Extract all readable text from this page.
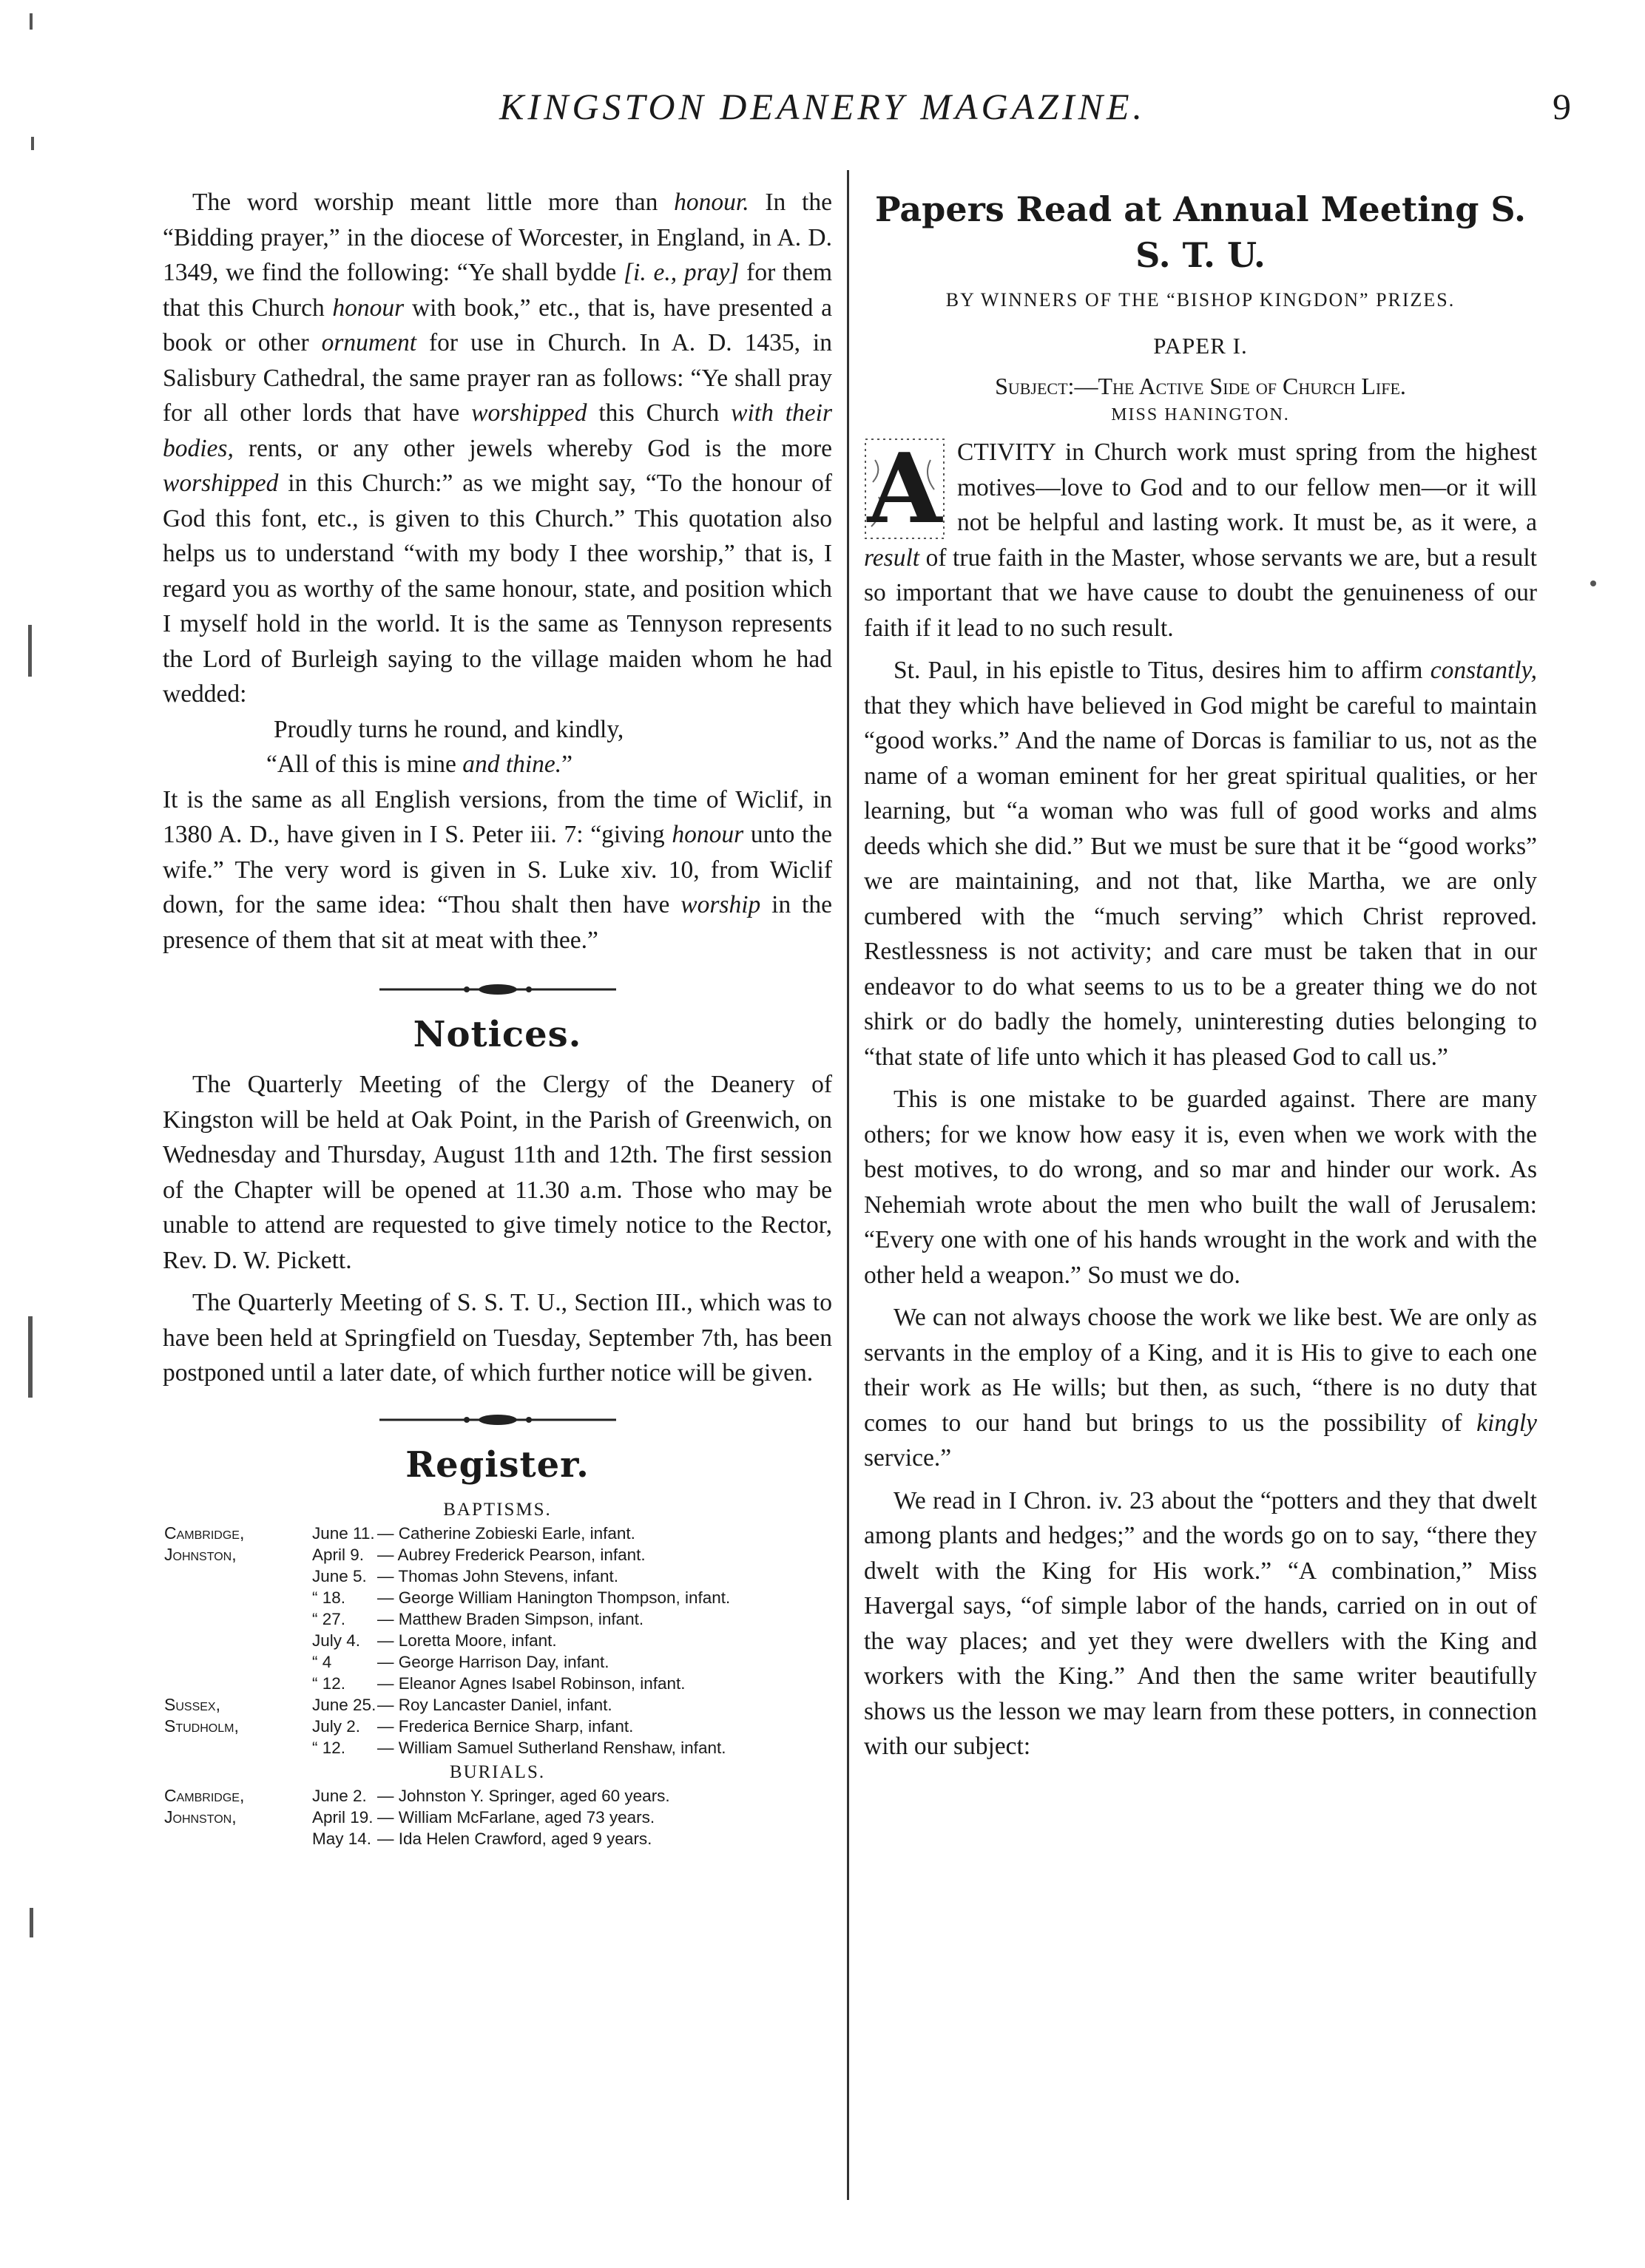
KINGSTON DEANERY MAGAZINE.	9

The word worship meant little more than honour. In the “Bidding prayer,” in the diocese of Worcester, in England, in A. D. 1349, we find the following: “Ye shall bydde [i. e., pray] for them that this Church honour with book,” etc., that is, have presented a book or other ornument for use in Church. In A. D. 1435, in Salisbury Cathedral, the same prayer ran as follows: “Ye shall pray for all other lords that have worshipped this Church with their bodies, rents, or any other jewels whereby God is the more worshipped in this Church:” as we might say, “To the honour of God this font, etc., is given to this Church.” This quotation also helps us to understand “with my body I thee worship,” that is, I regard you as worthy of the same honour, state, and position which I myself hold in the world. It is the same as Tennyson represents the Lord of Burleigh saying to the village maiden whom he had wedded:

Proudly turns he round, and kindly,
“All of this is mine and thine.”

It is the same as all English versions, from the time of Wiclif, in 1380 A. D., have given in I S. Peter iii. 7: “giving honour unto the wife.” The very word is given in S. Luke xiv. 10, from Wiclif down, for the same idea: “Thou shalt then have worship in the presence of them that sit at meat with thee.”

Notices.

The Quarterly Meeting of the Clergy of the Deanery of Kingston will be held at Oak Point, in the Parish of Greenwich, on Wednesday and Thursday, August 11th and 12th. The first session of the Chapter will be opened at 11.30 a.m. Those who may be unable to attend are requested to give timely notice to the Rector, Rev. D. W. Pickett.

The Quarterly Meeting of S. S. T. U., Section III., which was to have been held at Springfield on Tuesday, September 7th, has been postponed until a later date, of which further notice will be given.

Register.
BAPTISMS.
Cambridge,	June 11. — Catherine Zobieski Earle, infant.
Johnston,	April 9. — Aubrey Frederick Pearson, infant.
June 5. — Thomas John Stevens, infant.
“ 18.	— George William Hanington Thompson, infant.
“ 27.	— Matthew Braden Simpson, infant.
July 4.	— Loretta Moore, infant.
“ 4	— George Harrison Day, infant.
“ 12.	— Eleanor Agnes Isabel Robinson, infant.
Sussex,	June 25. — Roy Lancaster Daniel, infant.
Studholm,	July 2.	— Frederica Bernice Sharp, infant.
“ 12.	— William Samuel Sutherland Renshaw, infant.
BURIALS.
Cambridge,	June 2. — Johnston Y. Springer, aged 60 years.
Johnston,	April 19. — William McFarlane, aged 73 years.
May 14. — Ida Helen Crawford, aged 9 years.
Papers Read at Annual Meeting S. S. T. U.
BY WINNERS OF THE “BISHOP KINGDON” PRIZES.
PAPER I.
Subject:—The Active Side of Church Life.
MISS HANINGTON.
A CTIVITY in Church work must spring from the highest motives—love to God and to our fellow men—or it will not be helpful and lasting work. It must be, as it were, a result of true faith in the Master, whose servants we are, but a result so important that we have cause to doubt the genuineness of our faith if it lead to no such result.

St. Paul, in his epistle to Titus, desires him to affirm constantly, that they which have believed in God might be careful to maintain “good works.” And the name of Dorcas is familiar to us, not as the name of a woman eminent for her great spiritual qualities, or her learning, but “a woman who was full of good works and alms deeds which she did.” But we must be sure that it be “good works” we are maintaining, and not that, like Martha, we are only cumbered with the “much serving” which Christ reproved. Restlessness is not activity; and care must be taken that in our endeavor to do what seems to us to be a greater thing we do not shirk or do badly the homely, uninteresting duties belonging to “that state of life unto which it has pleased God to call us.”

This is one mistake to be guarded against. There are many others; for we know how easy it is, even when we work with the best motives, to do wrong, and so mar and hinder our work. As Nehemiah wrote about the men who built the wall of Jerusalem: “Every one with one of his hands wrought in the work and with the other held a weapon.” So must we do.

We can not always choose the work we like best. We are only as servants in the employ of a King, and it is His to give to each one their work as He wills; but then, as such, “there is no duty that comes to our hand but brings to us the possibility of kingly service.”

We read in I Chron. iv. 23 about the “potters and they that dwelt among plants and hedges;” and the words go on to say, “there they dwelt with the King for His work.” “A combination,” Miss Havergal says, “of simple labor of the hands, carried on in out of the way places; and yet they were dwellers with the King and workers with the King.” And then the same writer beautifully shows us the lesson we may learn from these potters, in connection with our subject:
